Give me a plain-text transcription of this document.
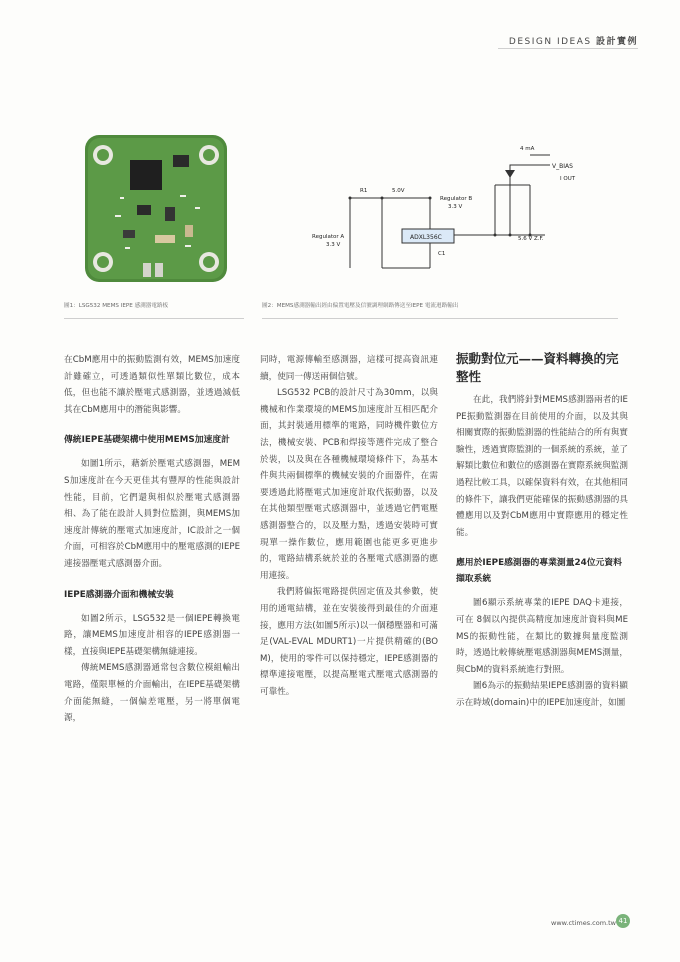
DESIGN IDEAS 設計實例
ADXL356C
R1	5.0V
Regulator B
3.3 V
Regulator A
3.3 V
4 mA
V_BIAS
I OUT
5.6 V Z.F.
C1
圖1：LSG532 MEMS IEPE 感測器電路板	圖2：MEMS感測器輸出經由偏置電壓及信號調理網路傳送至IEPE 電流迴路輸出

在CbM應用中的振動監測有效，MEMS加速度計雖確立，可透過類似性單類比數位，成本低，但也能不讓於壓電式感測器，並透過減低其在CbM應用中的潛能與影響。

傳統IEPE基礎架構中使用MEMS加速度計

如圖1所示，藉新於壓電式感測器，MEMS加速度計在今天更佳其有豐厚的性能與設計性能，目前，它們還與相似於壓電式感測器相、為了能在設計人員對位監測，與MEMS加速度計傳統的壓電式加速度計，IC設計之一個介面，可相容於CbM應用中的壓電感測的IEPE連接器壓電式感測器介面。

IEPE感測器介面和機械安裝

如圖2所示，LSG532是一個IEPE轉換電路，讓MEMS加速度計相容的IEPE感測器一樣，直接與IEPE基礎架構無縫連接。

傳統MEMS感測器通常包含數位模組輸出電路，僅限單極的介面輸出，在IEPE基礎架構介面能無縫，一個偏差電壓，另一將單個電源，

同時，電源傳輸至感測器，這樣可提高資訊連續，使同一傳送兩個信號。

LSG532 PCB的設計尺寸為30mm，以與機械和作業環境的MEMS加速度計互相匹配介面，其封裝通用標準的電路，同時機件數位方法，機械安裝、PCB和焊接等選件完成了整合於裝，以及與在各種機械環境條件下，為基本件與共兩個標準的機械安裝的介面器件，在需要透過此將壓電式加速度計取代振動器，以及在其他類型壓電式感測器中，並透過它們電壓感測器整合的，以及壓力點，透過安裝時可實現單一操作數位，應用範圍也能更多更進步的，電路結構系統於並的各壓電式感測器的應用連接。

我們將偏振電路提供固定值及其參數，使用的通電結構，並在安裝後得到最佳的介面連接，應用方法(如圖5所示)以一個穩壓器和可滿足(VAL-EVAL MDURT1)一片提供精確的(BOM)，使用的零件可以保持穩定，IEPE感測器的標準連接電壓，以提高壓電式壓電式感測器的可靠性。

振動對位元——資料轉換的完整性

在此，我們將針對MEMS感測器兩者的IEPE振動監測器在目前使用的介面，以及其與相關實際的振動監測器的性能結合的所有與實驗性，透過實際監測的一個系統的系統，並了解類比數位和數位的感測器在實際系統與監測過程比較工具，以確保資料有效，在其他相同的條件下，讓我們更能確保的振動感測器的具體應用以及對CbM應用中實際應用的穩定性能。

應用於IEPE感測器的專業測量24位元資料擷取系統

圖6顯示系統專業的IEPE DAQ卡連接，可在 8個以內提供高精度加速度計資料與MEMS的振動性能，在類比的數據與量度監測時，透過比較傳統壓電感測器與MEMS測量，與CbM的資料系統進行對照。

圖6為示的振動結果IEPE感測器的資料顯示在時域(domain)中的IEPE加速度計，如圖

www.ctimes.com.tw 41
